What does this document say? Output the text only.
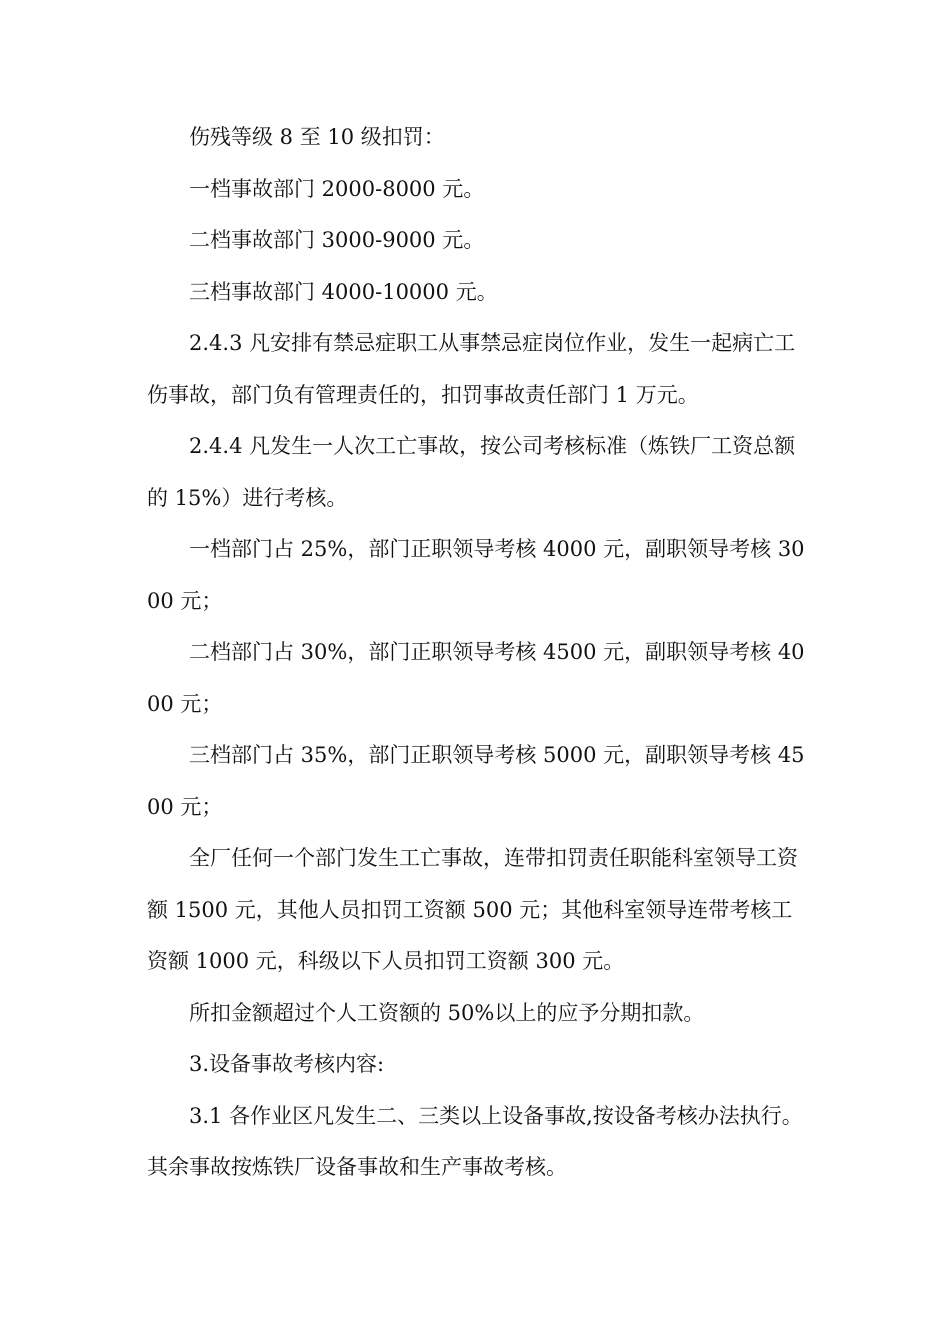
伤残等级 8 至 10 级扣罚：

一档事故部门 2000-8000 元。

二档事故部门 3000-9000 元。

三档事故部门 4000-10000 元。

2.4.3 凡安排有禁忌症职工从事禁忌症岗位作业，发生一起病亡工伤事故，部门负有管理责任的，扣罚事故责任部门 1 万元。

2.4.4 凡发生一人次工亡事故，按公司考核标准（炼铁厂工资总额的 15%）进行考核。

一档部门占 25%，部门正职领导考核 4000 元，副职领导考核 3000 元；

二档部门占 30%，部门正职领导考核 4500 元，副职领导考核 4000 元；

三档部门占 35%，部门正职领导考核 5000 元，副职领导考核 4500 元；

全厂任何一个部门发生工亡事故，连带扣罚责任职能科室领导工资额 1500 元，其他人员扣罚工资额 500 元；其他科室领导连带考核工资额 1000 元，科级以下人员扣罚工资额 300 元。

所扣金额超过个人工资额的 50%以上的应予分期扣款。

3.设备事故考核内容:

3.1 各作业区凡发生二、三类以上设备事故,按设备考核办法执行。其余事故按炼铁厂设备事故和生产事故考核。
